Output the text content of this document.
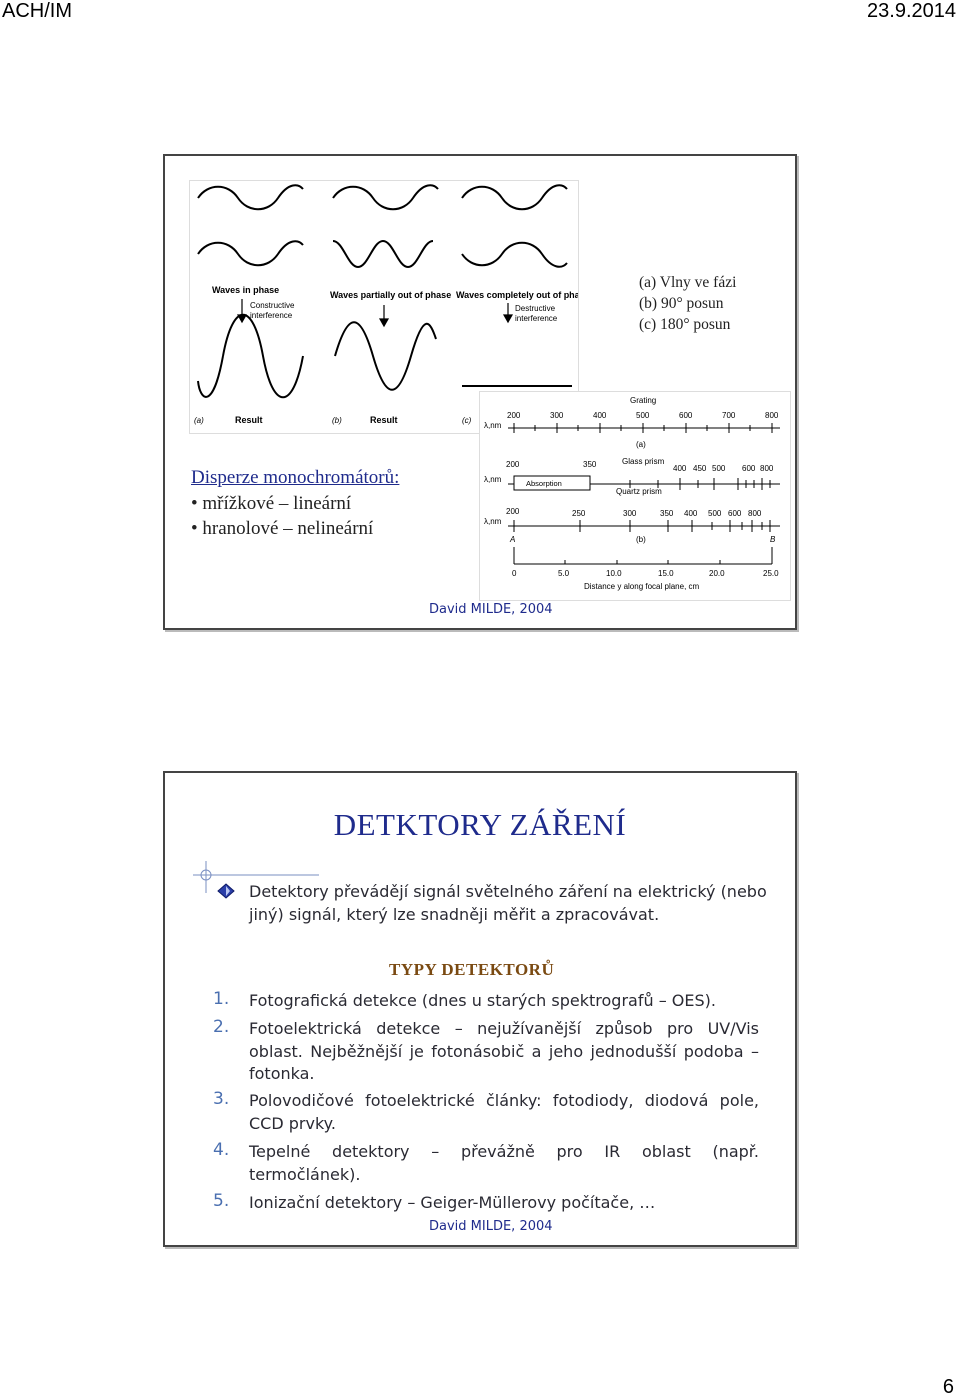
ACH/IM	23.9.2014
Waves in phase	Waves partially out of phase Waves completely out of phase
Constructive
interference
Destructive
interference
(a)	Result	(b)	Result	(c)
(a) Vlny ve fázi
(b) 90° posun
(c) 180° posun
Disperze monochromátorů:
• mřížkové – lineární
• hranolové – nelineární
Grating
λ,nm
200	300	400	500	600	700	800
(a)
Glass prism
λ,nm	Absorption
200	350	400 450 500 600 800
Quartz prism
λ,nm
200	250	300	350 400 500 600 800
(b)
A	B
0	5.0	10.0	15.0	20.0	25.0
Distance y along focal plane, cm
David MILDE, 2004
DETKTORY ZÁŘENÍ
Detektory převádějí signál světelného záření na elektrický (nebo jiný) signál, který lze snadněji měřit a zpracovávat.
TYPY DETEKTORŮ
1. Fotografická detekce (dnes u starých spektrografů – OES).
2. Fotoelektrická detekce – nejužívanější způsob pro UV/Vis oblast. Nejběžnější je fotonásobič a jeho jednodušší podoba – fotonka.
3. Polovodičové fotoelektrické články: fotodiody, diodová pole, CCD prvky.
4. Tepelné detektory – převážně pro IR oblast (např. termočlánek).
5. Ionizační detektory – Geiger-Müllerovy počítače, …
David MILDE, 2004
6
